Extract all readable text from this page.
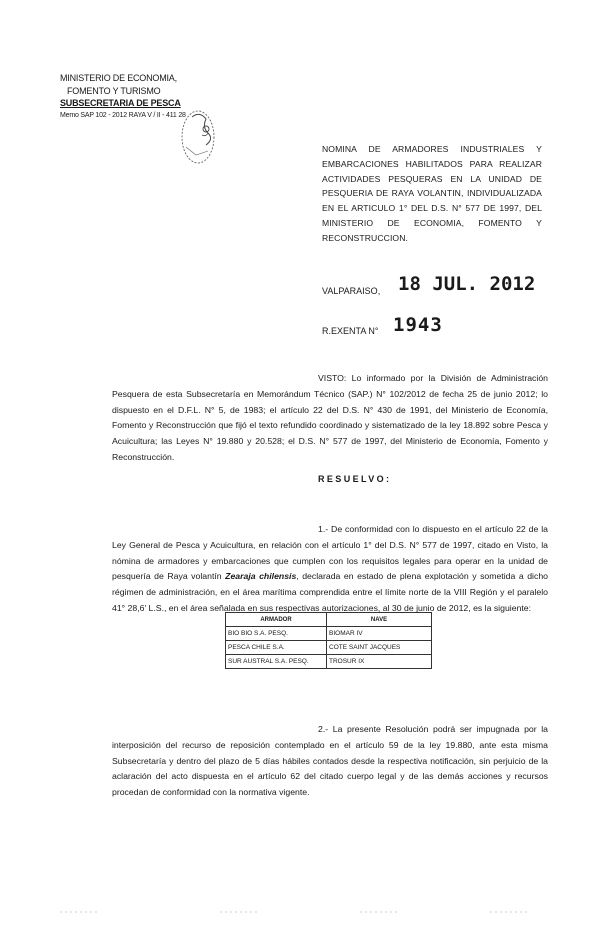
MINISTERIO DE ECONOMIA,
FOMENTO Y TURISMO
SUBSECRETARIA DE PESCA
Memo SAP 102 - 2012 RAYA V / II - 411 28
NOMINA DE ARMADORES INDUSTRIALES Y EMBARCACIONES HABILITADOS PARA REALIZAR ACTIVIDADES PESQUERAS EN LA UNIDAD DE PESQUERIA DE RAYA VOLANTIN, INDIVIDUALIZADA EN EL ARTICULO 1° DEL D.S. N° 577 DE 1997, DEL MINISTERIO DE ECONOMIA, FOMENTO Y RECONSTRUCCION.
VALPARAISO, 18 JUL. 2012
R.EXENTA N° 1943
VISTO: Lo informado por la División de Administración Pesquera de esta Subsecretaría en Memorándum Técnico (SAP.) N° 102/2012 de fecha 25 de junio 2012; lo dispuesto en el D.F.L. N° 5, de 1983; el artículo 22 del D.S. N° 430 de 1991, del Ministerio de Economía, Fomento y Reconstrucción que fijó el texto refundido coordinado y sistematizado de la ley 18.892 sobre Pesca y Acuicultura; las Leyes N° 19.880 y 20.528; el D.S. N° 577 de 1997, del Ministerio de Economía, Fomento y Reconstrucción.
RESUELVO:
1.- De conformidad con lo dispuesto en el artículo 22 de la Ley General de Pesca y Acuicultura, en relación con el artículo 1° del D.S. N° 577 de 1997, citado en Visto, la nómina de armadores y embarcaciones que cumplen con los requisitos legales para operar en la unidad de pesquería de Raya volantín Zearaja chilensis, declarada en estado de plena explotación y sometida a dicho régimen de administración, en el área marítima comprendida entre el límite norte de la VIII Región y el paralelo 41° 28,6' L.S., en el área señalada en sus respectivas autorizaciones, al 30 de junio de 2012, es la siguiente:
ARMADOR	NAVE
BIO BIO S.A. PESQ.	BIOMAR IV
PESCA CHILE S.A.	COTE SAINT JACQUES
SUR AUSTRAL S.A. PESQ.	TROSUR IX
2.- La presente Resolución podrá ser impugnada por la interposición del recurso de reposición contemplado en el artículo 59 de la ley 19.880, ante esta misma Subsecretaría y dentro del plazo de 5 días hábiles contados desde la respectiva notificación, sin perjuicio de la aclaración del acto dispuesta en el artículo 62 del citado cuerpo legal y de las demás acciones y recursos procedan de conformidad con la normativa vigente.
